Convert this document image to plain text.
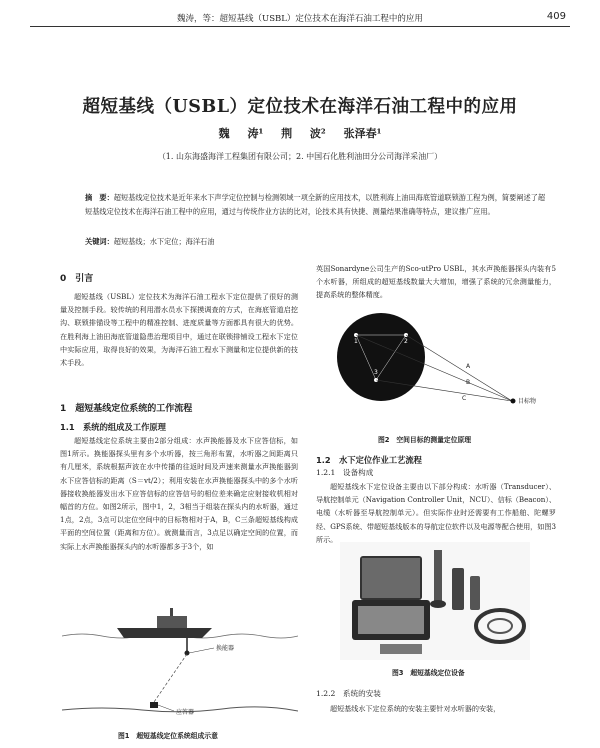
魏涛，等：超短基线（USBL）定位技术在海洋石油工程中的应用	409
超短基线（USBL）定位技术在海洋石油工程中的应用
魏 涛¹ 荆 波² 张泽春¹
（1. 山东海盛海洋工程集团有限公司；2. 中国石化胜利油田分公司海洋采油厂）
摘　要：超短基线定位技术是近年来水下声学定位控制与检测领域一项全新的应用技术，以胜利海上油田海底管道联锁游工程为例，简要阐述了超短基线定位技术在海洋石油工程中的应用，通过与传统作业方法的比对，论技术具有快捷、测量结果准确等特点，建议推广应用。
关键词：超短基线；水下定位；海洋石油
0　引言
超短基线（USBL）定位技术为海洋石油工程水下定位提供了很好的测量及控制手段。较传统的利用潜水员水下探摸调查的方式，在海底管道启挖沟、联锁排锚设等工程中的精准控制、进度质量等方面都具有很大的优势。在胜利海上油田海底管道隐患治理项目中，通过在联锁排铺设工程水下定位中实际应用，取得良好的效果，为海洋石油工程水下测量和定位提供新的技术手段。
1　超短基线定位系统的工作流程
1.1　系统的组成及工作原理
超短基线定位系统主要由2部分组成：水声换能器及水下应答信标，如图1所示。换能器探头里有多个水听器，按三角形布置，水听器之间距离只有几厘米，系统根据声波在水中传播的往返时间及声速来测量水声换能器到水下应答信标的距离（S＝vt/2）；利用安装在水声换能器探头中的多个水听器接收换能器发出水下应答信标的应答信号的相位差来确定应射接收机相对幅首的方位。如图2所示，图中1，2，3相当于组装在探头内的水听器，通过1点，2点，3点可以定位空间中的目标物相对于A，B，C三条超短基线构成平面的空间位置（距离和方位）。就测量而言，3点足以确定空间的位置，而实际上水声换能器探头内的水听器都多于3个，如
换能器
应答器
图1　超短基线定位系统组成示意
英国Sonardyne公司生产的Sco-utPro USBL，其水声换能器探头内装有5个水听器，所组成的超短基线数量大大增加，增强了系统的冗余测量能力，提高系统的整体精度。
1	2
3
A
B
C	目标物
图2　空间目标的测量定位原理
1.2　水下定位作业工艺流程
1.2.1　设备构成
超短基线水下定位设备主要由以下部分构成：水听器（Transducer）、导航控制单元（Navigation Controller Unit，NCU）、信标（Beacon）、电缆（水听器至导航控制单元）。但实际作业时还需要有工作船舶、陀螺罗经、GPS系统、带超短基线版本的导航定位软件以及电源等配合使用，如图3所示。
图3　超短基线定位设备
1.2.2　系统的安装
超短基线水下定位系统的安装主要针对水听器的安装，
